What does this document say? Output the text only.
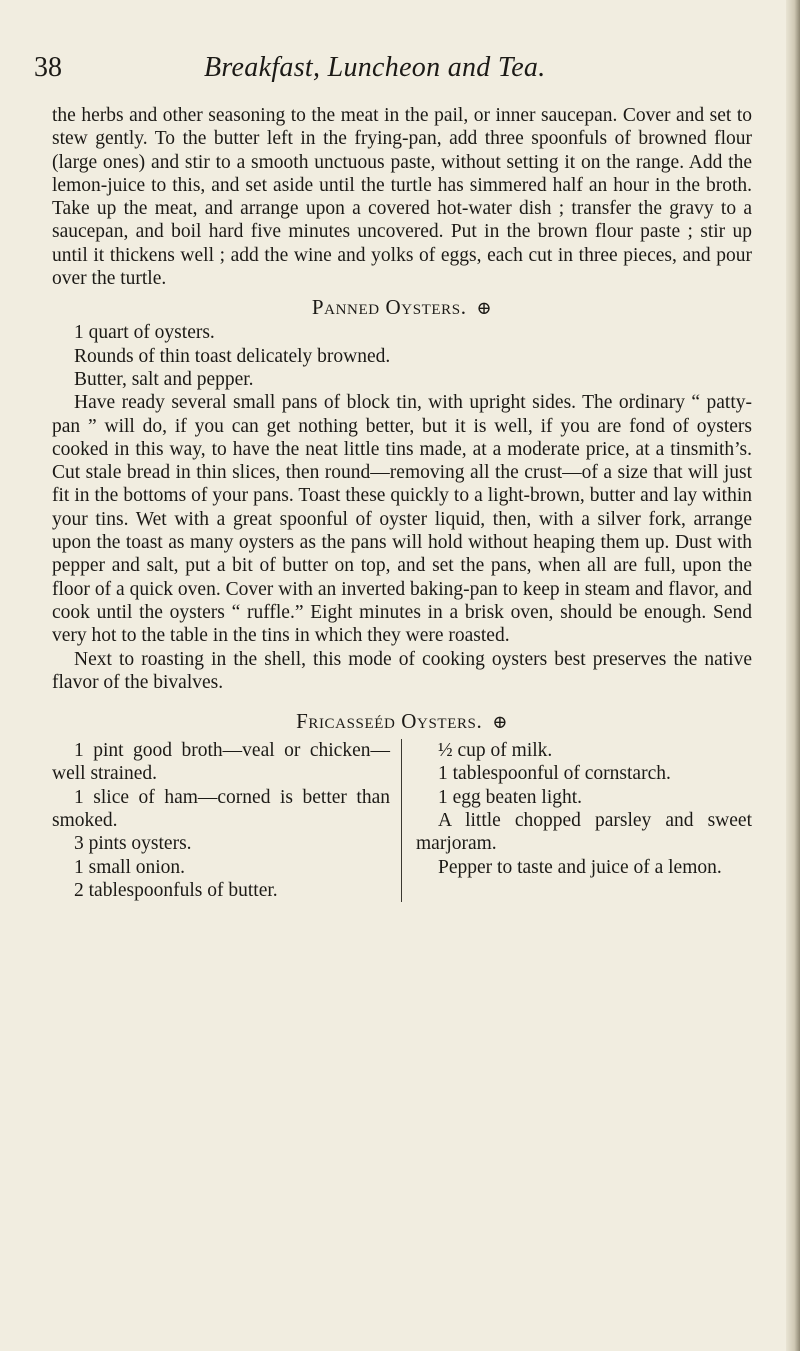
38	Breakfast, Luncheon and Tea.

the herbs and other seasoning to the meat in the pail, or inner saucepan. Cover and set to stew gently. To the butter left in the frying-pan, add three spoonfuls of browned flour (large ones) and stir to a smooth unctuous paste, without setting it on the range. Add the lemon-juice to this, and set aside until the turtle has simmered half an hour in the broth. Take up the meat, and arrange upon a covered hot-water dish ; transfer the gravy to a saucepan, and boil hard five minutes uncovered. Put in the brown flour paste ; stir up until it thickens well ; add the wine and yolks of eggs, each cut in three pieces, and pour over the turtle.

Panned Oysters. ⊕

1 quart of oysters.

Rounds of thin toast delicately browned.

Butter, salt and pepper.

Have ready several small pans of block tin, with upright sides. The ordinary “ patty-pan ” will do, if you can get nothing better, but it is well, if you are fond of oysters cooked in this way, to have the neat little tins made, at a moderate price, at a tinsmith’s. Cut stale bread in thin slices, then round—removing all the crust—of a size that will just fit in the bottoms of your pans. Toast these quickly to a light-brown, butter and lay within your tins. Wet with a great spoonful of oyster liquid, then, with a silver fork, arrange upon the toast as many oysters as the pans will hold without heaping them up. Dust with pepper and salt, put a bit of butter on top, and set the pans, when all are full, upon the floor of a quick oven. Cover with an inverted baking-pan to keep in steam and flavor, and cook until the oysters “ ruffle.” Eight minutes in a brisk oven, should be enough. Send very hot to the table in the tins in which they were roasted.

Next to roasting in the shell, this mode of cooking oysters best preserves the native flavor of the bivalves.

Fricasseéd Oysters. ⊕

1 pint good broth—veal or chicken—well strained.

1 slice of ham—corned is better than smoked.

3 pints oysters.

1 small onion.

2 tablespoonfuls of butter.

½ cup of milk.

1 tablespoonful of cornstarch.

1 egg beaten light.

A little chopped parsley and sweet marjoram.

Pepper to taste and juice of a lemon.
